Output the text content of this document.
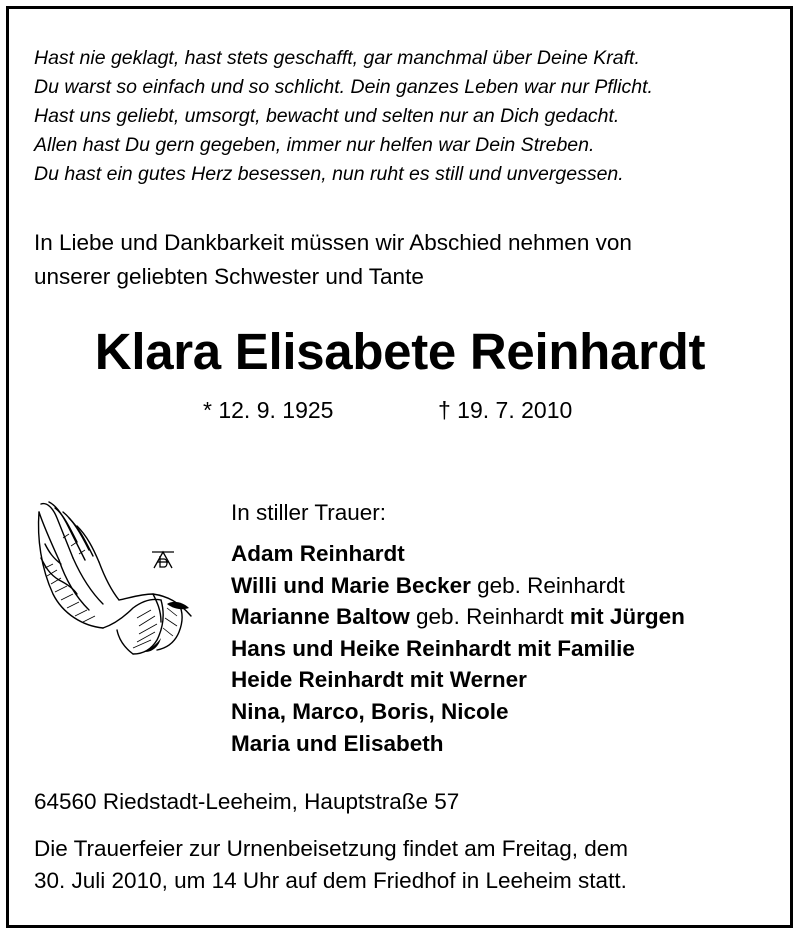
Hast nie geklagt, hast stets geschafft, gar manchmal über Deine Kraft.
Du warst so einfach und so schlicht. Dein ganzes Leben war nur Pflicht.
Hast uns geliebt, umsorgt, bewacht und selten nur an Dich gedacht.
Allen hast Du gern gegeben, immer nur helfen war Dein Streben.
Du hast ein gutes Herz besessen, nun ruht es still und unvergessen.
In Liebe und Dankbarkeit müssen wir Abschied nehmen von
unserer geliebten Schwester und Tante
Klara Elisabete Reinhardt
* 12. 9. 1925	† 19. 7. 2010
In stiller Trauer:
Adam Reinhardt
Willi und Marie Becker geb. Reinhardt
Marianne Baltow geb. Reinhardt mit Jürgen
Hans und Heike Reinhardt mit Familie
Heide Reinhardt mit Werner
Nina, Marco, Boris, Nicole
Maria und Elisabeth
64560 Riedstadt-Leeheim, Hauptstraße 57
Die Trauerfeier zur Urnenbeisetzung findet am Freitag, dem
30. Juli 2010, um 14 Uhr auf dem Friedhof in Leeheim statt.
